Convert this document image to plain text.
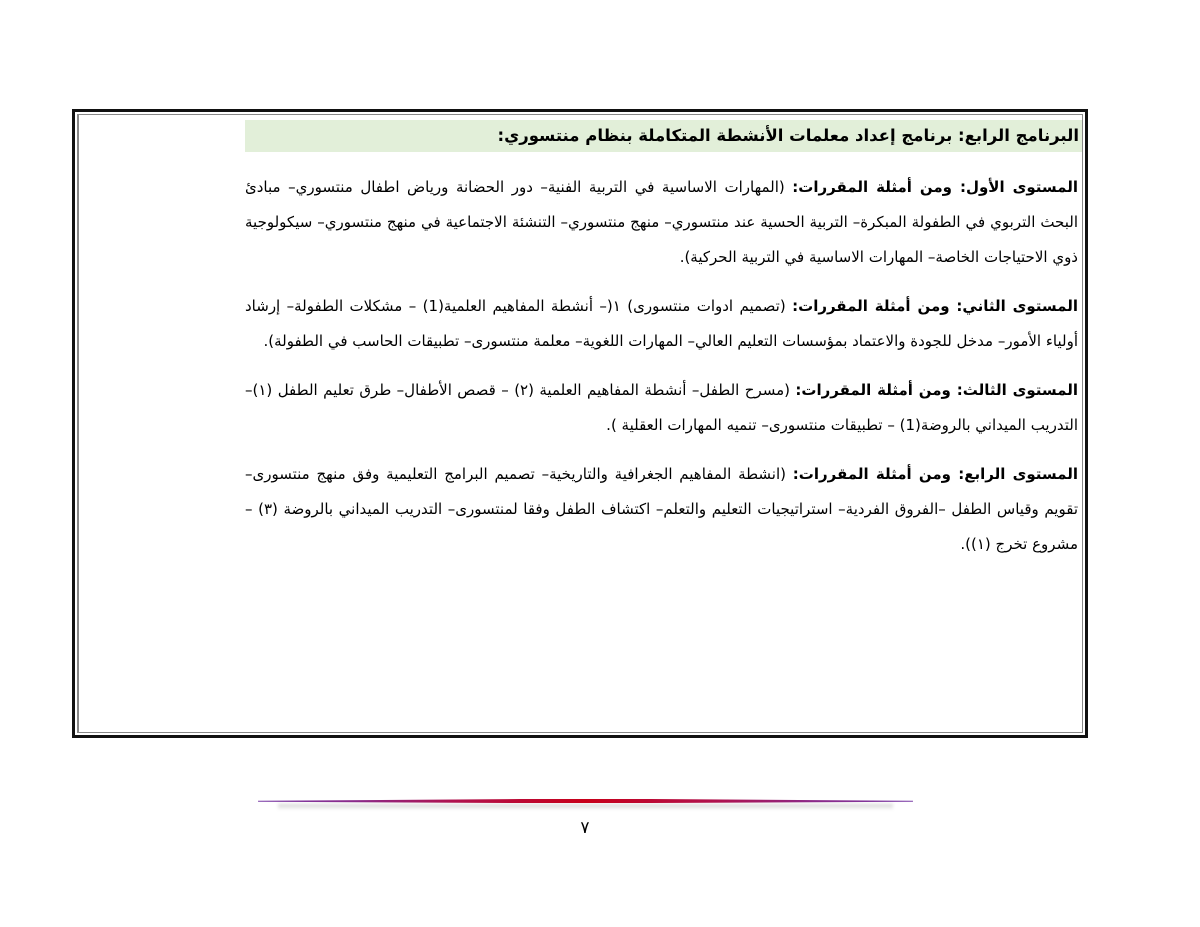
البرنامج الرابع: برنامج إعداد معلمات الأنشطة المتكاملة بنظام منتسوري:

المستوى الأول: ومن أمثلة المقررات: (المهارات الاساسية في التربية الفنية– دور الحضانة ورياض اطفال منتسوري– مبادئ البحث التربوي في الطفولة المبكرة– التربية الحسية عند منتسوري– منهج منتسوري– التنشئة الاجتماعية في منهج منتسوري– سيكولوجية ذوي الاحتياجات الخاصة– المهارات الاساسية في التربية الحركية).

المستوى الثاني: ومن أمثلة المقررات: (تصميم ادوات منتسورى) ١(– أنشطة المفاهيم العلمية(1) – مشكلات الطفولة– إرشاد أولياء الأمور– مدخل للجودة والاعتماد بمؤسسات التعليم العالي– المهارات اللغوية– معلمة منتسورى– تطبيقات الحاسب في الطفولة).

المستوى الثالث: ومن أمثلة المقررات: (مسرح الطفل– أنشطة المفاهيم العلمية (٢) – قصص الأطفال– طرق تعليم الطفل (١)– التدريب الميداني بالروضة(1) – تطبيقات منتسورى– تنميه المهارات العقلية ).

المستوى الرابع: ومن أمثلة المقررات: (انشطة المفاهيم الجغرافية والتاريخية– تصميم البرامج التعليمية وفق منهج منتسورى– تقويم وقياس الطفل –الفروق الفردية– استراتيجيات التعليم والتعلم– اكتشاف الطفل وفقا لمنتسورى– التدريب الميداني بالروضة (٣) –مشروع تخرج (١)).

٧
